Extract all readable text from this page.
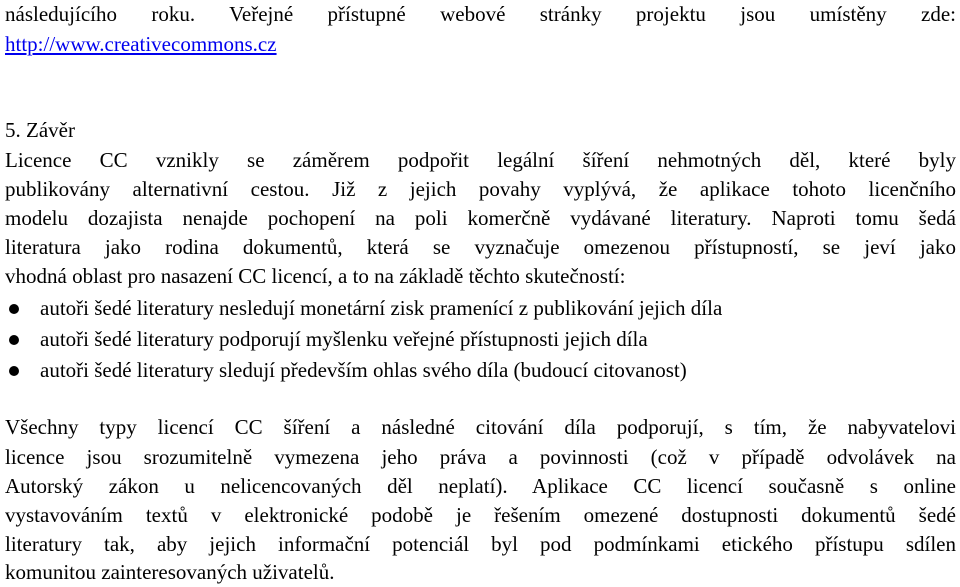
následujícího roku. Veřejné přístupné webové stránky projektu jsou umístěny zde:
http://www.creativecommons.cz
5. Závěr
Licence CC vznikly se záměrem podpořit legální šíření nehmotných děl, které byly
publikovány alternativní cestou. Již z jejich povahy vyplývá, že aplikace tohoto licenčního
modelu dozajista nenajde pochopení na poli komerčně vydávané literatury. Naproti tomu šedá
literatura jako rodina dokumentů, která se vyznačuje omezenou přístupností, se jeví jako
vhodná oblast pro nasazení CC licencí, a to na základě těchto skutečností:
autoři šedé literatury nesledují monetární zisk pramenící z publikování jejich díla
autoři šedé literatury podporují myšlenku veřejné přístupnosti jejich díla
autoři šedé literatury sledují především ohlas svého díla (budoucí citovanost)
Všechny typy licencí CC šíření a následné citování díla podporují, s tím, že nabyvatelovi
licence jsou srozumitelně vymezena jeho práva a povinnosti (což v případě odvolávek na
Autorský zákon u nelicencovaných děl neplatí). Aplikace CC licencí současně s online
vystavováním textů v elektronické podobě je řešením omezené dostupnosti dokumentů šedé
literatury tak, aby jejich informační potenciál byl pod podmínkami etického přístupu sdílen
komunitou zainteresovaných uživatelů.
